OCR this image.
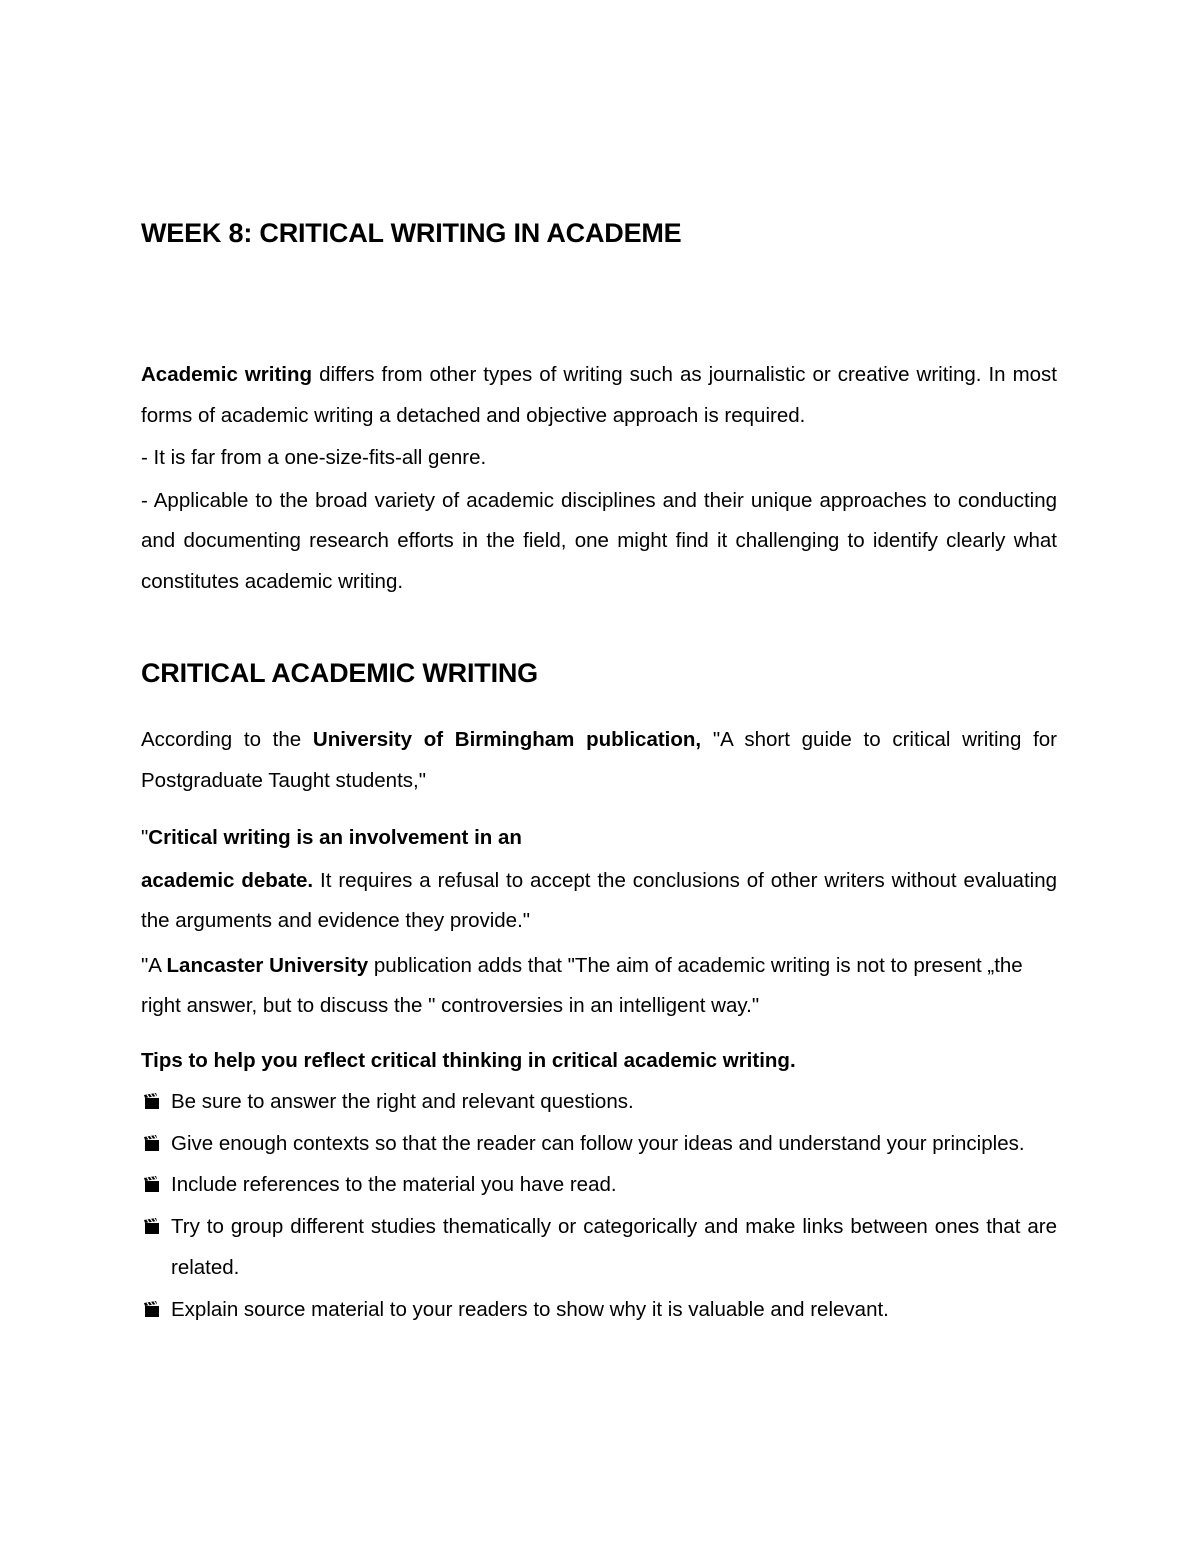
WEEK 8: CRITICAL WRITING IN ACADEME

Academic writing differs from other types of writing such as journalistic or creative writing. In most forms of academic writing a detached and objective approach is required.

- It is far from a one-size-fits-all genre.

- Applicable to the broad variety of academic disciplines and their unique approaches to conducting and documenting research efforts in the field, one might find it challenging to identify clearly what constitutes academic writing.

CRITICAL ACADEMIC WRITING

According to the University of Birmingham publication, "A short guide to critical writing for Postgraduate Taught students,"

"Critical writing is an involvement in an

academic debate. It requires a refusal to accept the conclusions of other writers without evaluating the arguments and evidence they provide."

"A Lancaster University publication adds that "The aim of academic writing is not to present „the right answer, but to discuss the " controversies in an intelligent way."

Tips to help you reflect critical thinking in critical academic writing.

Be sure to answer the right and relevant questions.
Give enough contexts so that the reader can follow your ideas and understand your principles.
Include references to the material you have read.
Try to group different studies thematically or categorically and make links between ones that are related.
Explain source material to your readers to show why it is valuable and relevant.
